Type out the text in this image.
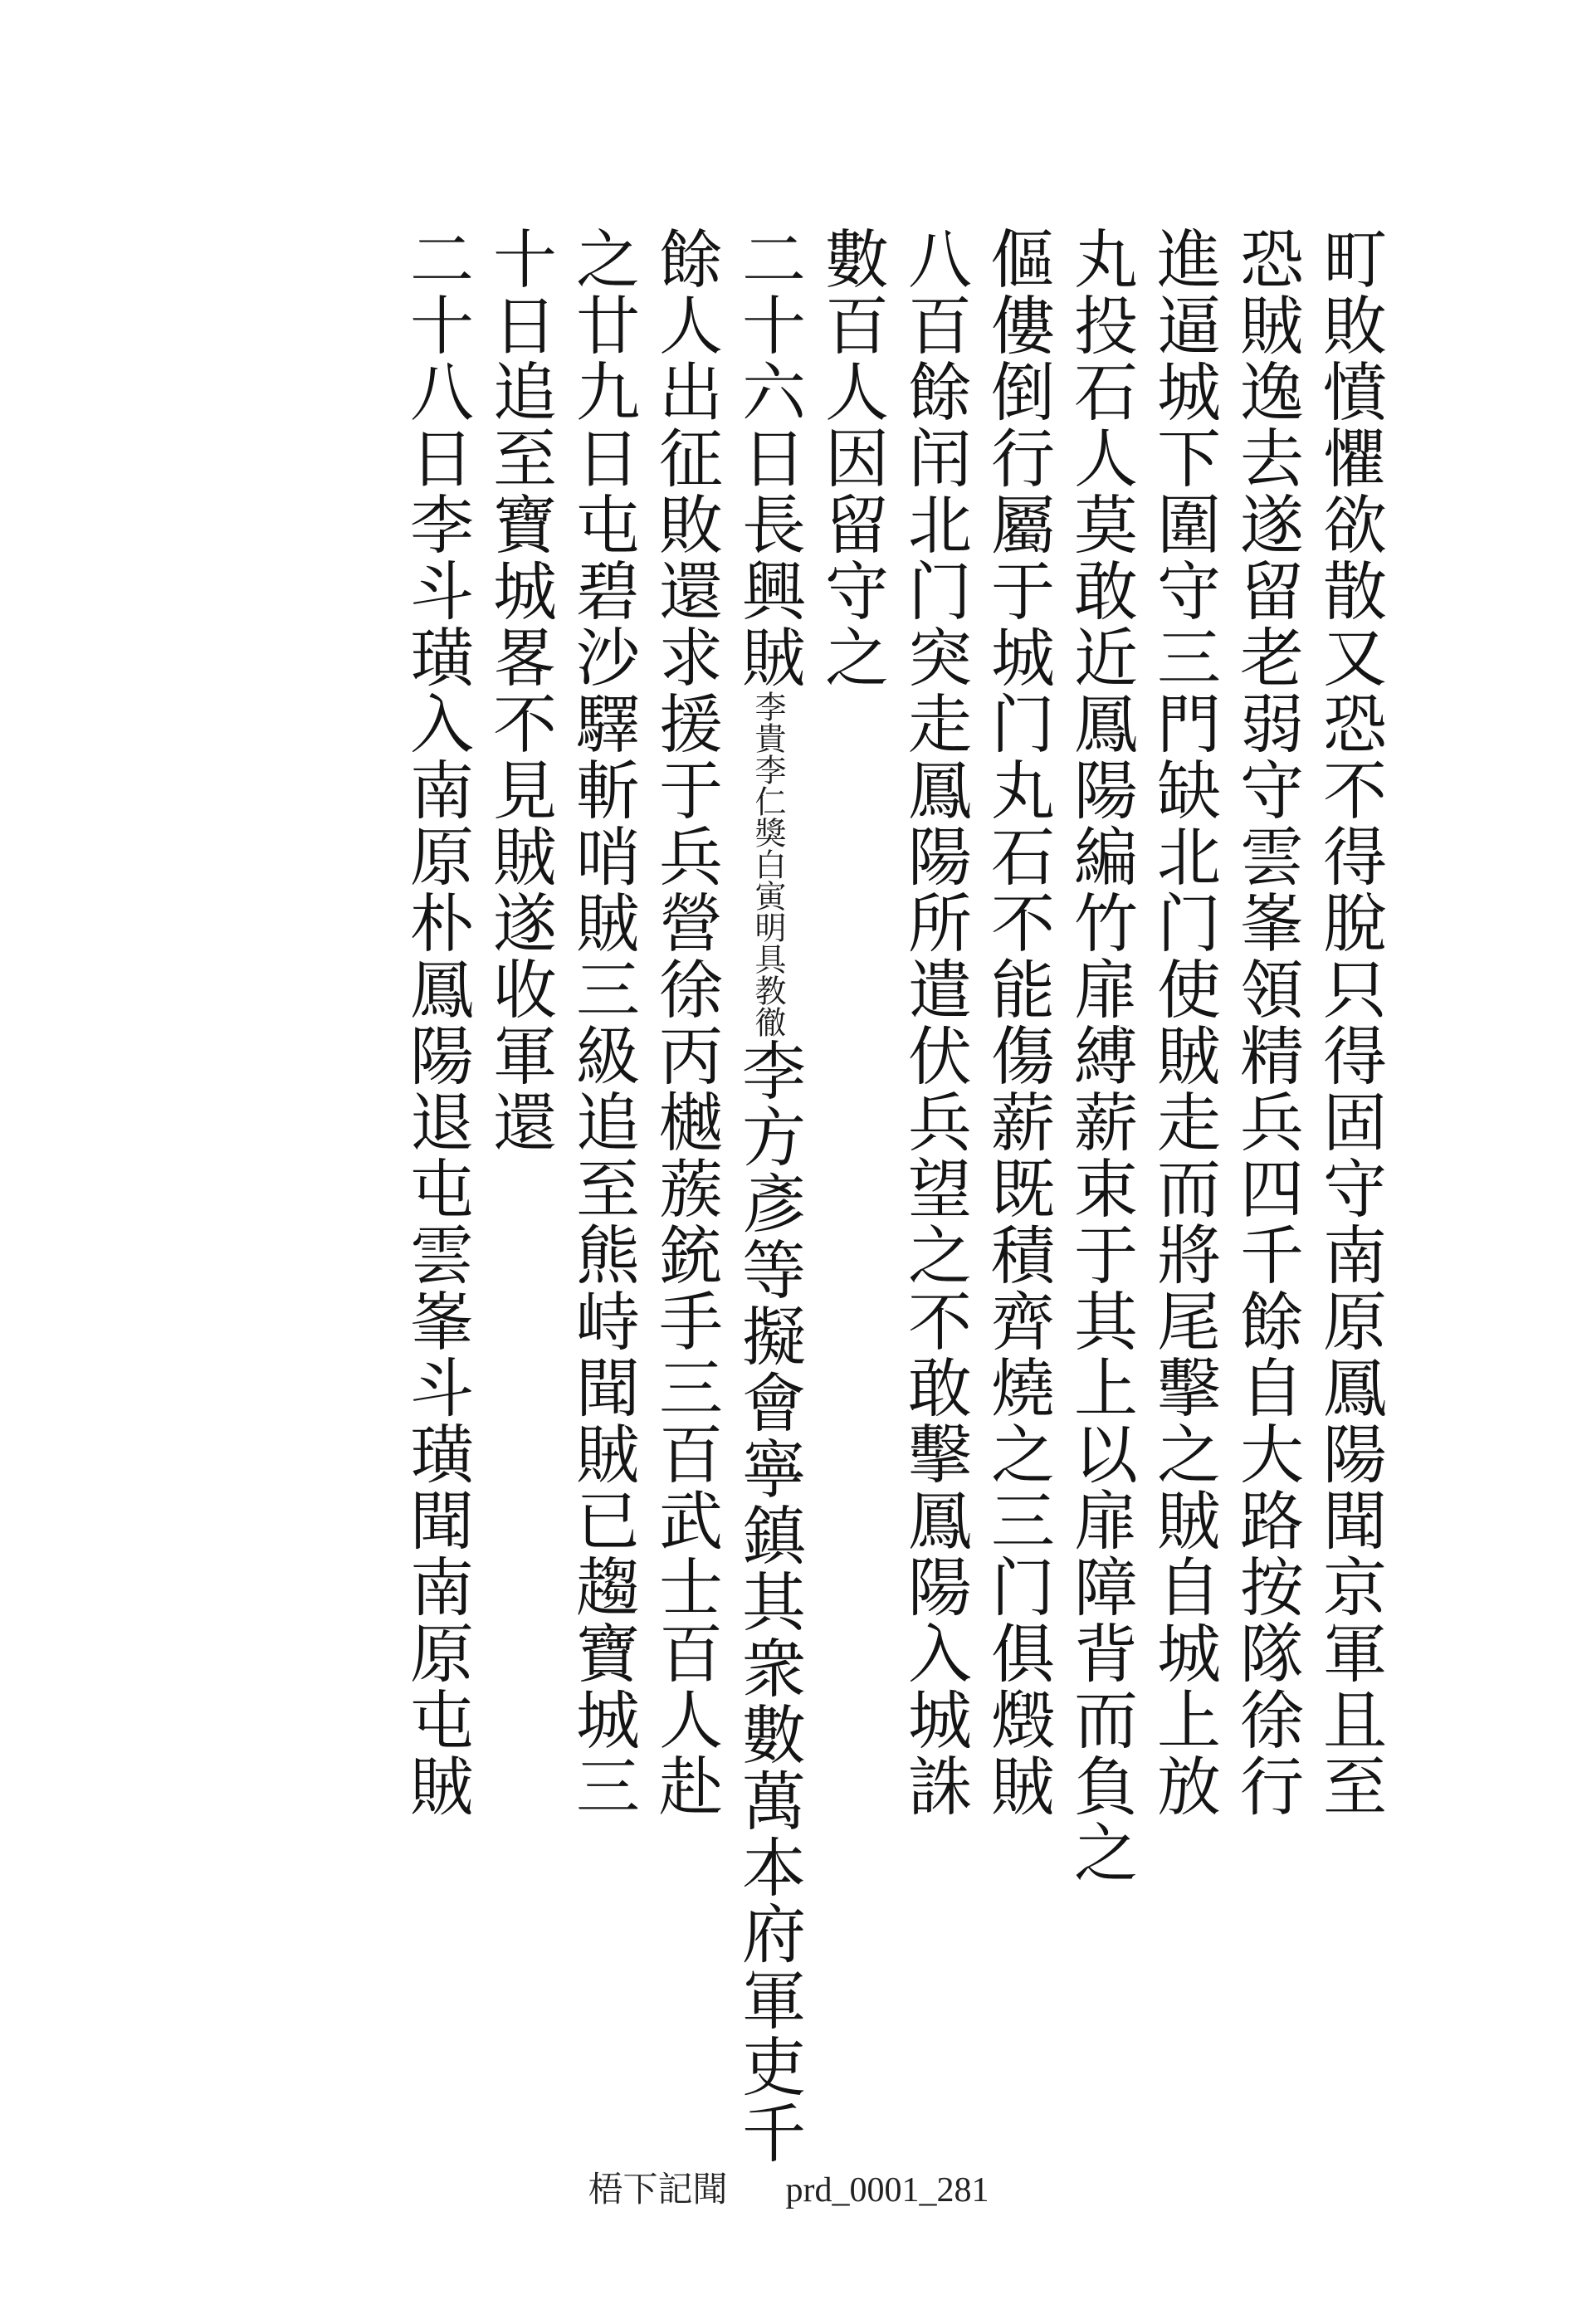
町敗憤懼欲散又恐不得脫只得固守南原鳳陽聞京軍且至
恐賊逸去遂留老弱守雲峯領精兵四千餘自大路按隊徐行
進逼城下圍守三門缺北门使賊走而將尾擊之賊自城上放
丸投石人莫敢近鳳陽編竹扉縛薪束于其上以扉障背而負之
傴僂倒行屬于城门丸石不能傷薪既積齊燒之三门俱燬賊
八百餘闬北门突走鳳陽所遣伏兵望之不敢擊鳳陽入城誅
數百人因留守之
二十六日長興賊李貴李仁獎白寅明具教徹李方彥等擬會寧鎮其衆數萬本府軍吏千
餘人出征敗還求援于兵營徐丙樾蔟銃手三百武士百人赴
之廿九日屯碧沙驛斬哨賊三級追至熊峙聞賊已趨寶城三
十日追至寶城畧不見賊遂收軍還
二十八日李斗璜入南原朴鳳陽退屯雲峯斗璜聞南原屯賊
梧下記聞 prd_0001_281
